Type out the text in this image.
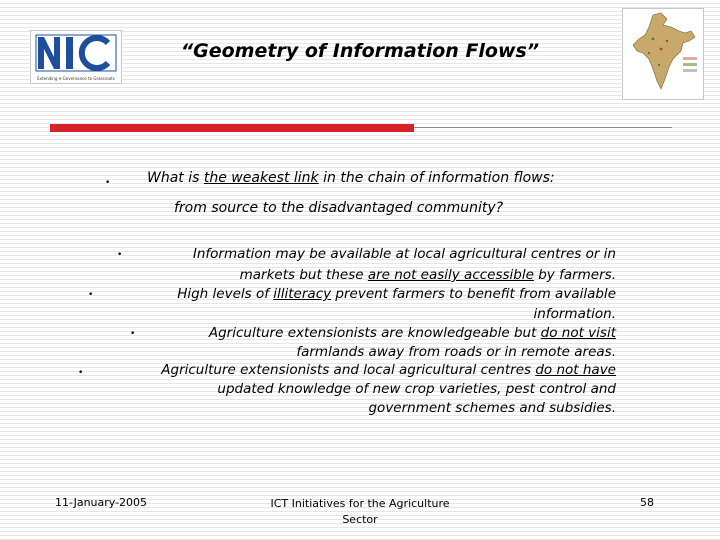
Extending e-Governance to Grassroots
“Geometry of Information Flows”
•	What is the weakest link in the chain of information flows:
from source to the disadvantaged community?
•	Information may be available at local agricultural centres or in
markets but these are not easily accessible by farmers.
•	High levels of illiteracy prevent farmers to benefit from available
information.
•	Agriculture extensionists are knowledgeable but do not visit
farmlands away from roads or in remote areas.
•	Agriculture extensionists and local agricultural centres do not have
updated knowledge of new crop varieties, pest control and
government schemes and subsidies.
11-January-2005	ICT Initiatives for the Agriculture
Sector
58
